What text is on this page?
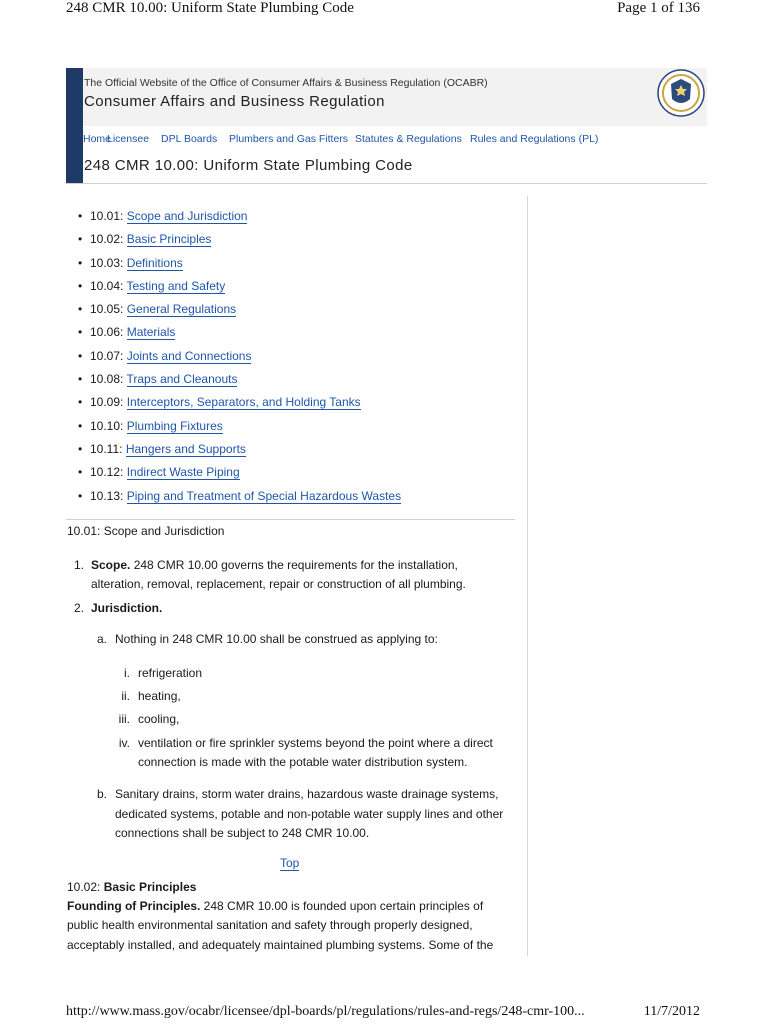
248 CMR 10.00: Uniform State Plumbing Code	Page 1 of 136
The Official Website of the Office of Consumer Affairs & Business Regulation (OCABR)
Consumer Affairs and Business Regulation
Home
Licensee DPL Boards Plumbers and Gas Fitters Statutes & Regulations Rules and Regulations (PL)
248 CMR 10.00: Uniform State Plumbing Code
• 10.01: Scope and Jurisdiction
• 10.02: Basic Principles
• 10.03: Definitions
• 10.04: Testing and Safety
• 10.05: General Regulations
• 10.06: Materials
• 10.07: Joints and Connections
• 10.08: Traps and Cleanouts
• 10.09: Interceptors, Separators, and Holding Tanks
• 10.10: Plumbing Fixtures
• 10.11: Hangers and Supports
• 10.12: Indirect Waste Piping
• 10.13: Piping and Treatment of Special Hazardous Wastes
10.01: Scope and Jurisdiction
1. Scope. 248 CMR 10.00 governs the requirements for the installation,
alteration, removal, replacement, repair or construction of all plumbing.
2. Jurisdiction.
a. Nothing in 248 CMR 10.00 shall be construed as applying to:
i. refrigeration
ii. heating,
iii. cooling,
iv. ventilation or fire sprinkler systems beyond the point where a direct
connection is made with the potable water distribution system.
b. Sanitary drains, storm water drains, hazardous waste drainage systems,
dedicated systems, potable and non-potable water supply lines and other
connections shall be subject to 248 CMR 10.00.
Top
10.02: Basic Principles
Founding of Principles. 248 CMR 10.00 is founded upon certain principles of
public health environmental sanitation and safety through properly designed,
acceptably installed, and adequately maintained plumbing systems. Some of the
http://www.mass.gov/ocabr/licensee/dpl-boards/pl/regulations/rules-and-regs/248-cmr-100...	11/7/2012
